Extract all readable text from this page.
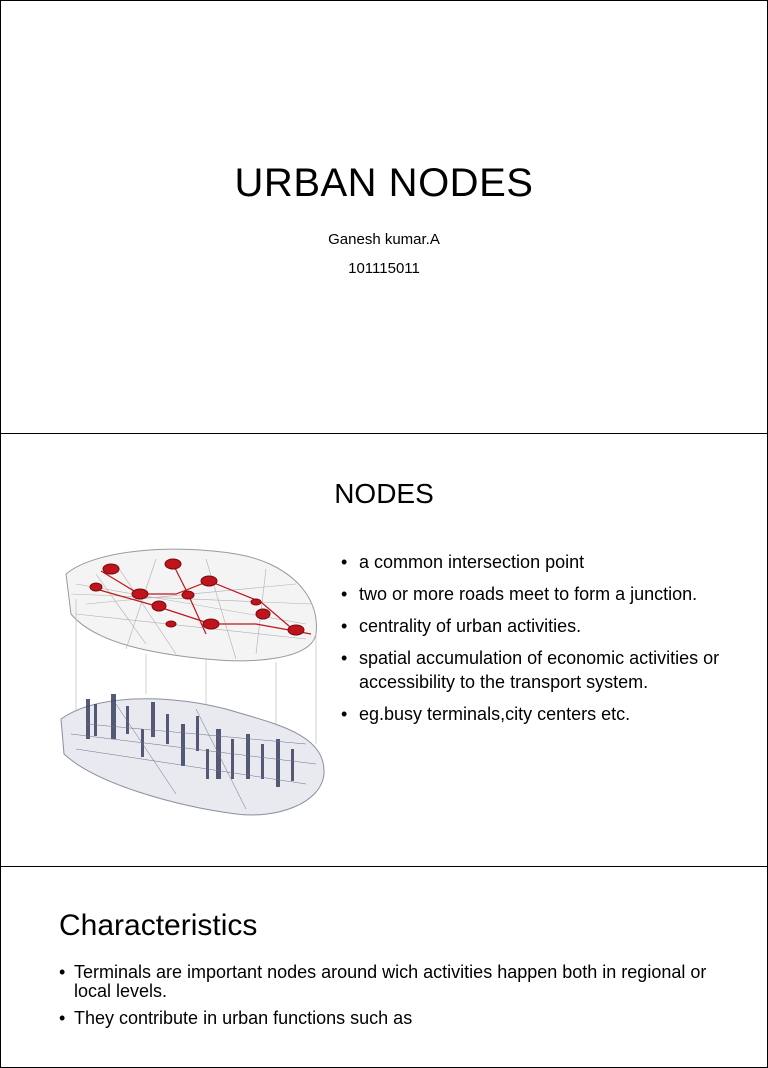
URBAN NODES
Ganesh kumar.A
101115011
NODES
• a common intersection point
• two or more roads meet to form a junction.
• centrality of urban activities.
• spatial accumulation of economic activities or accessibility to the transport system.
• eg.busy terminals,city centers etc.
Characteristics
• Terminals are important nodes around wich activities happen both in regional or local levels.
• They contribute in urban functions such as
